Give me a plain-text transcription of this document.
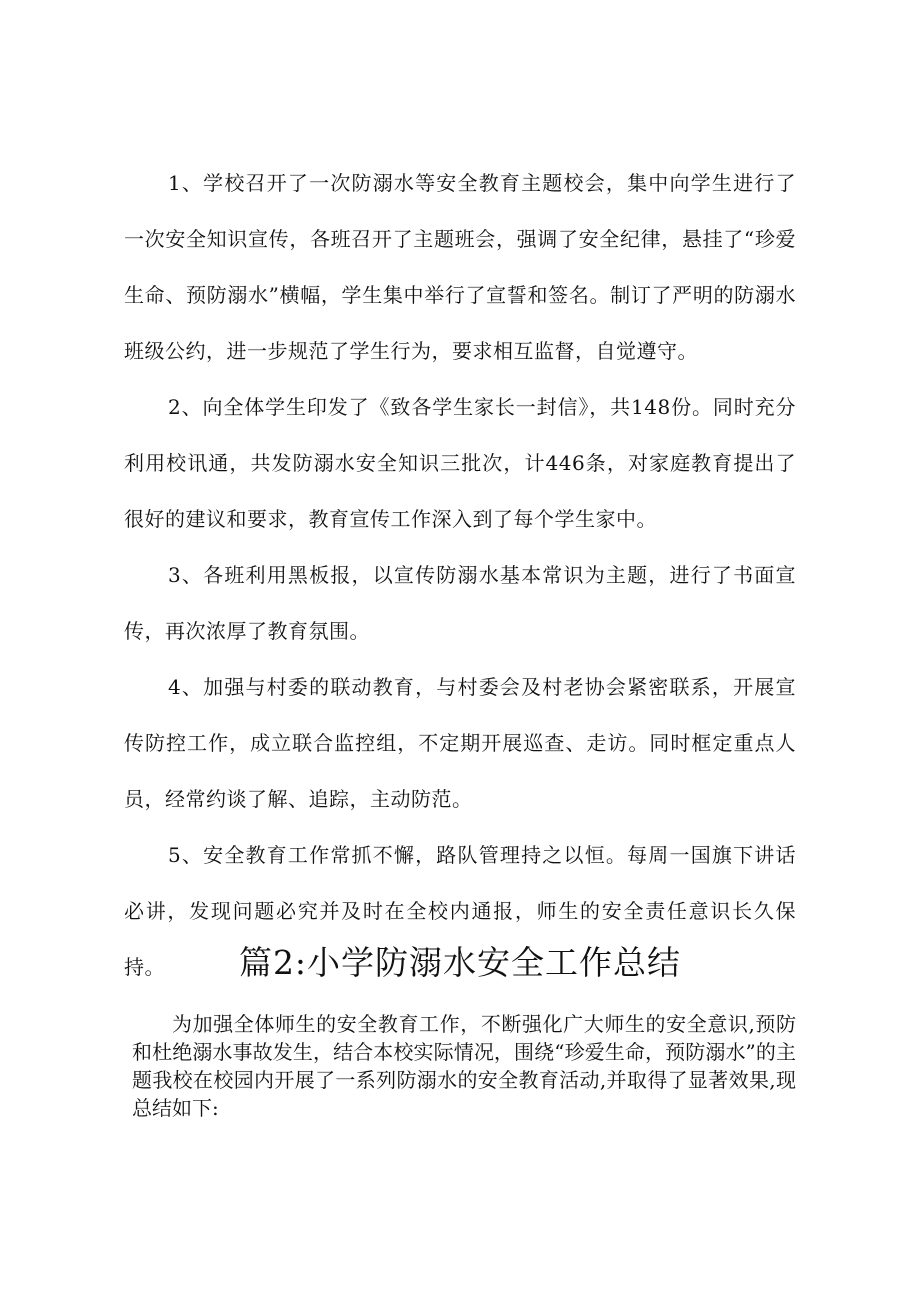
1、学校召开了一次防溺水等安全教育主题校会，集中向学生进行了一次安全知识宣传，各班召开了主题班会，强调了安全纪律，悬挂了“珍爱生命、预防溺水”横幅，学生集中举行了宣誓和签名。制订了严明的防溺水班级公约，进一步规范了学生行为，要求相互监督，自觉遵守。

2、向全体学生印发了《致各学生家长一封信》，共148份。同时充分利用校讯通，共发防溺水安全知识三批次，计446条，对家庭教育提出了很好的建议和要求，教育宣传工作深入到了每个学生家中。

3、各班利用黑板报，以宣传防溺水基本常识为主题，进行了书面宣传，再次浓厚了教育氛围。

4、加强与村委的联动教育，与村委会及村老协会紧密联系，开展宣传防控工作，成立联合监控组，不定期开展巡查、走访。同时框定重点人员，经常约谈了解、追踪，主动防范。

5、安全教育工作常抓不懈，路队管理持之以恒。每周一国旗下讲话必讲，发现问题必究并及时在全校内通报，师生的安全责任意识长久保持。	篇2:小学防溺水安全工作总结

为加强全体师生的安全教育工作，不断强化广大师生的安全意识,预防和杜绝溺水事故发生，结合本校实际情况，围绕“珍爱生命，预防溺水”的主题我校在校园内开展了一系列防溺水的安全教育活动,并取得了显著效果,现总结如下:
